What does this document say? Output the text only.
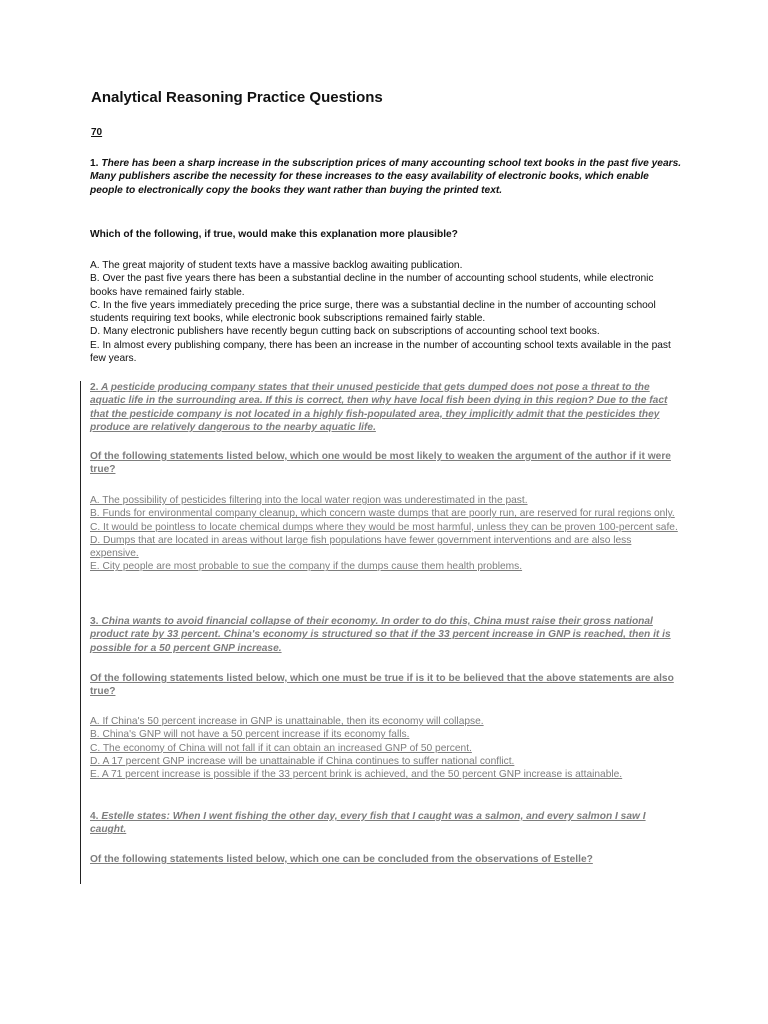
Analytical Reasoning Practice Questions
70
1. There has been a sharp increase in the subscription prices of many accounting school text books in the past five years. Many publishers ascribe the necessity for these increases to the easy availability of electronic books, which enable people to electronically copy the books they want rather than buying the printed text.
Which of the following, if true, would make this explanation more plausible?
A. The great majority of student texts have a massive backlog awaiting publication.
B. Over the past five years there has been a substantial decline in the number of accounting school students, while electronic books have remained fairly stable.
C. In the five years immediately preceding the price surge, there was a substantial decline in the number of accounting school students requiring text books, while electronic book subscriptions remained fairly stable.
D. Many electronic publishers have recently begun cutting back on subscriptions of accounting school text books.
E. In almost every publishing company, there has been an increase in the number of accounting school texts available in the past few years.
2. A pesticide producing company states that their unused pesticide that gets dumped does not pose a threat to the aquatic life in the surrounding area. If this is correct, then why have local fish been dying in this region? Due to the fact that the pesticide company is not located in a highly fish-populated area, they implicitly admit that the pesticides they produce are relatively dangerous to the nearby aquatic life.
Of the following statements listed below, which one would be most likely to weaken the argument of the author if it were true?
A. The possibility of pesticides filtering into the local water region was underestimated in the past.
B. Funds for environmental company cleanup, which concern waste dumps that are poorly run, are reserved for rural regions only.
C. It would be pointless to locate chemical dumps where they would be most harmful, unless they can be proven 100-percent safe.
D. Dumps that are located in areas without large fish populations have fewer government interventions and are also less expensive.
E. City people are most probable to sue the company if the dumps cause them health problems.
3. China wants to avoid financial collapse of their economy. In order to do this, China must raise their gross national product rate by 33 percent. China's economy is structured so that if the 33 percent increase in GNP is reached, then it is possible for a 50 percent GNP increase.
Of the following statements listed below, which one must be true if is it to be believed that the above statements are also true?
A. If China's 50 percent increase in GNP is unattainable, then its economy will collapse.
B. China's GNP will not have a 50 percent increase if its economy falls.
C. The economy of China will not fall if it can obtain an increased GNP of 50 percent.
D. A 17 percent GNP increase will be unattainable if China continues to suffer national conflict.
E. A 71 percent increase is possible if the 33 percent brink is achieved, and the 50 percent GNP increase is attainable.
4. Estelle states: When I went fishing the other day, every fish that I caught was a salmon, and every salmon I saw I caught.
Of the following statements listed below, which one can be concluded from the observations of Estelle?
